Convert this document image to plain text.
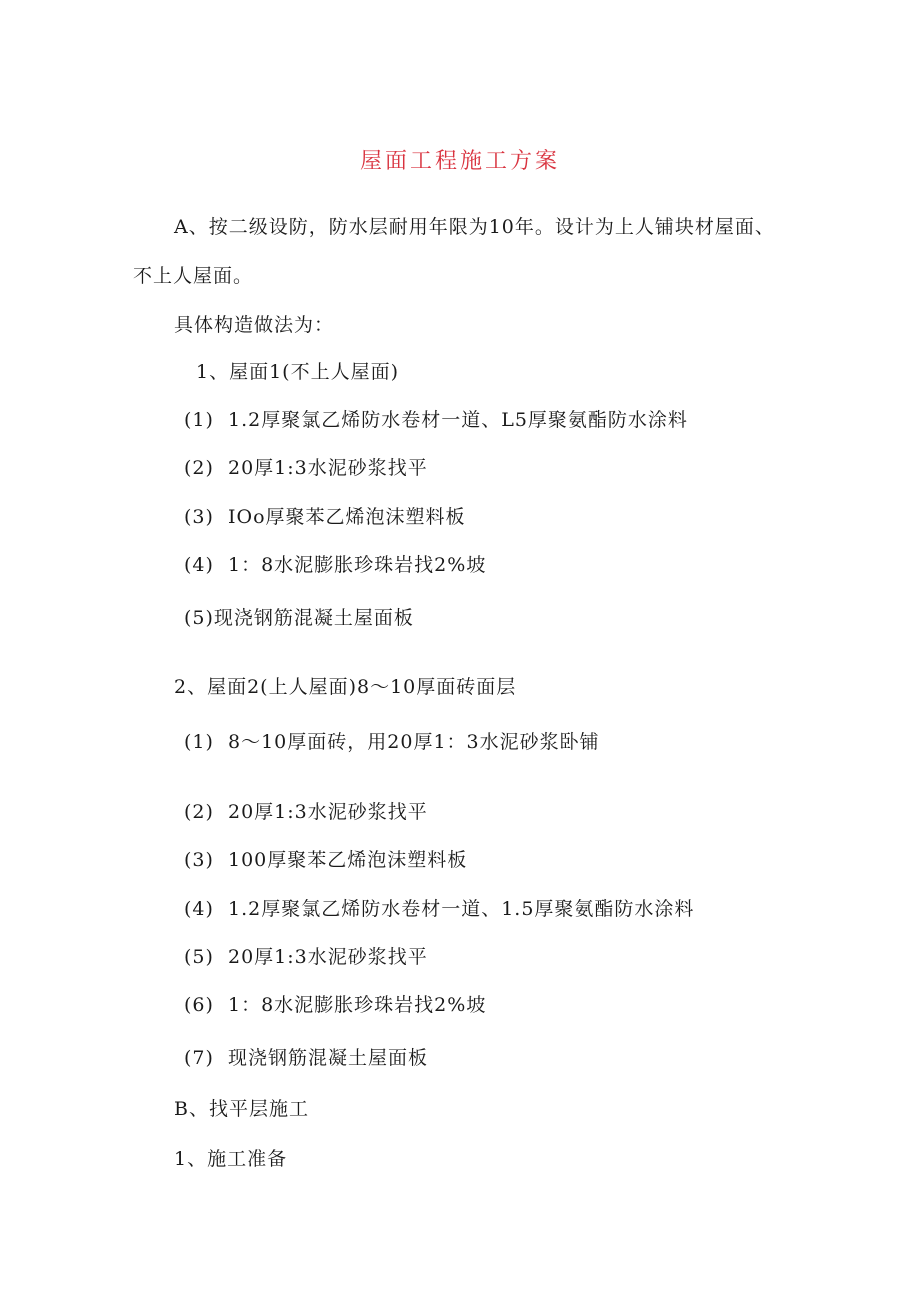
屋面工程施工方案
A、按二级设防，防水层耐用年限为10年。设计为上人铺块材屋面、
不上人屋面。
具体构造做法为：
1、屋面1(不上人屋面)
(1) 1.2厚聚氯乙烯防水卷材一道、L5厚聚氨酯防水涂料
(2) 20厚1:3水泥砂浆找平
(3) IOo厚聚苯乙烯泡沫塑料板
(4) 1：8水泥膨胀珍珠岩找2%坡
(5)现浇钢筋混凝土屋面板
2、屋面2(上人屋面)8～10厚面砖面层
(1) 8～10厚面砖，用20厚1：3水泥砂浆卧铺
(2) 20厚1:3水泥砂浆找平
(3) 100厚聚苯乙烯泡沫塑料板
(4) 1.2厚聚氯乙烯防水卷材一道、1.5厚聚氨酯防水涂料
(5) 20厚1:3水泥砂浆找平
(6) 1：8水泥膨胀珍珠岩找2%坡
(7) 现浇钢筋混凝土屋面板
B、找平层施工
1、施工准备
